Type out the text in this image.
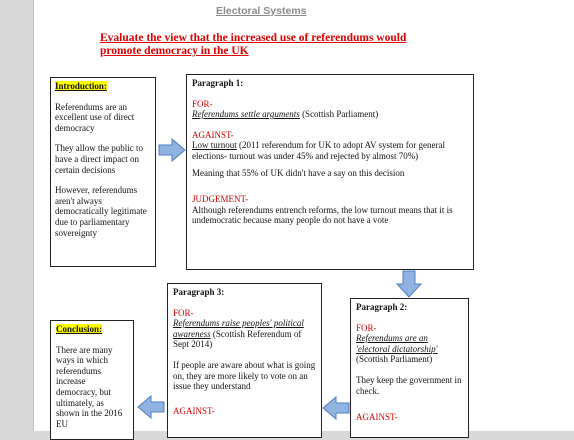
Electoral Systems
Evaluate the view that the increased use of referendums would promote democracy in the UK

Introduction:

Referendums are an excellent use of direct democracy

They allow the public to have a direct impact on certain decisions

However, referendums aren't always democratically legitimate due to parliamentary sovereignty

Paragraph 1:

FOR-

Referendums settle arguments (Scottish Parliament)

AGAINST-

Low turnout (2011 referendum for UK to adopt AV system for general elections- turnout was under 45% and rejected by almost 70%)

Meaning that 55% of UK didn't have a say on this decision

JUDGEMENT-

Although referendums entrench reforms, the low turnout means that it is undemocratic because many people do not have a vote

Paragraph 2:

FOR-

Referendums are an 'electoral dictatorship'

(Scottish Parliament)

They keep the government in check.

AGAINST-

Paragraph 3:

FOR-

Referendums raise peoples' political awareness (Scottish Referendum of Sept 2014)

If people are aware about what is going on, they are more likely to vote on an issue they understand

AGAINST-

Conclusion:

There are many ways in which referendums increase democracy, but ultimately, as shown in the 2016 EU
